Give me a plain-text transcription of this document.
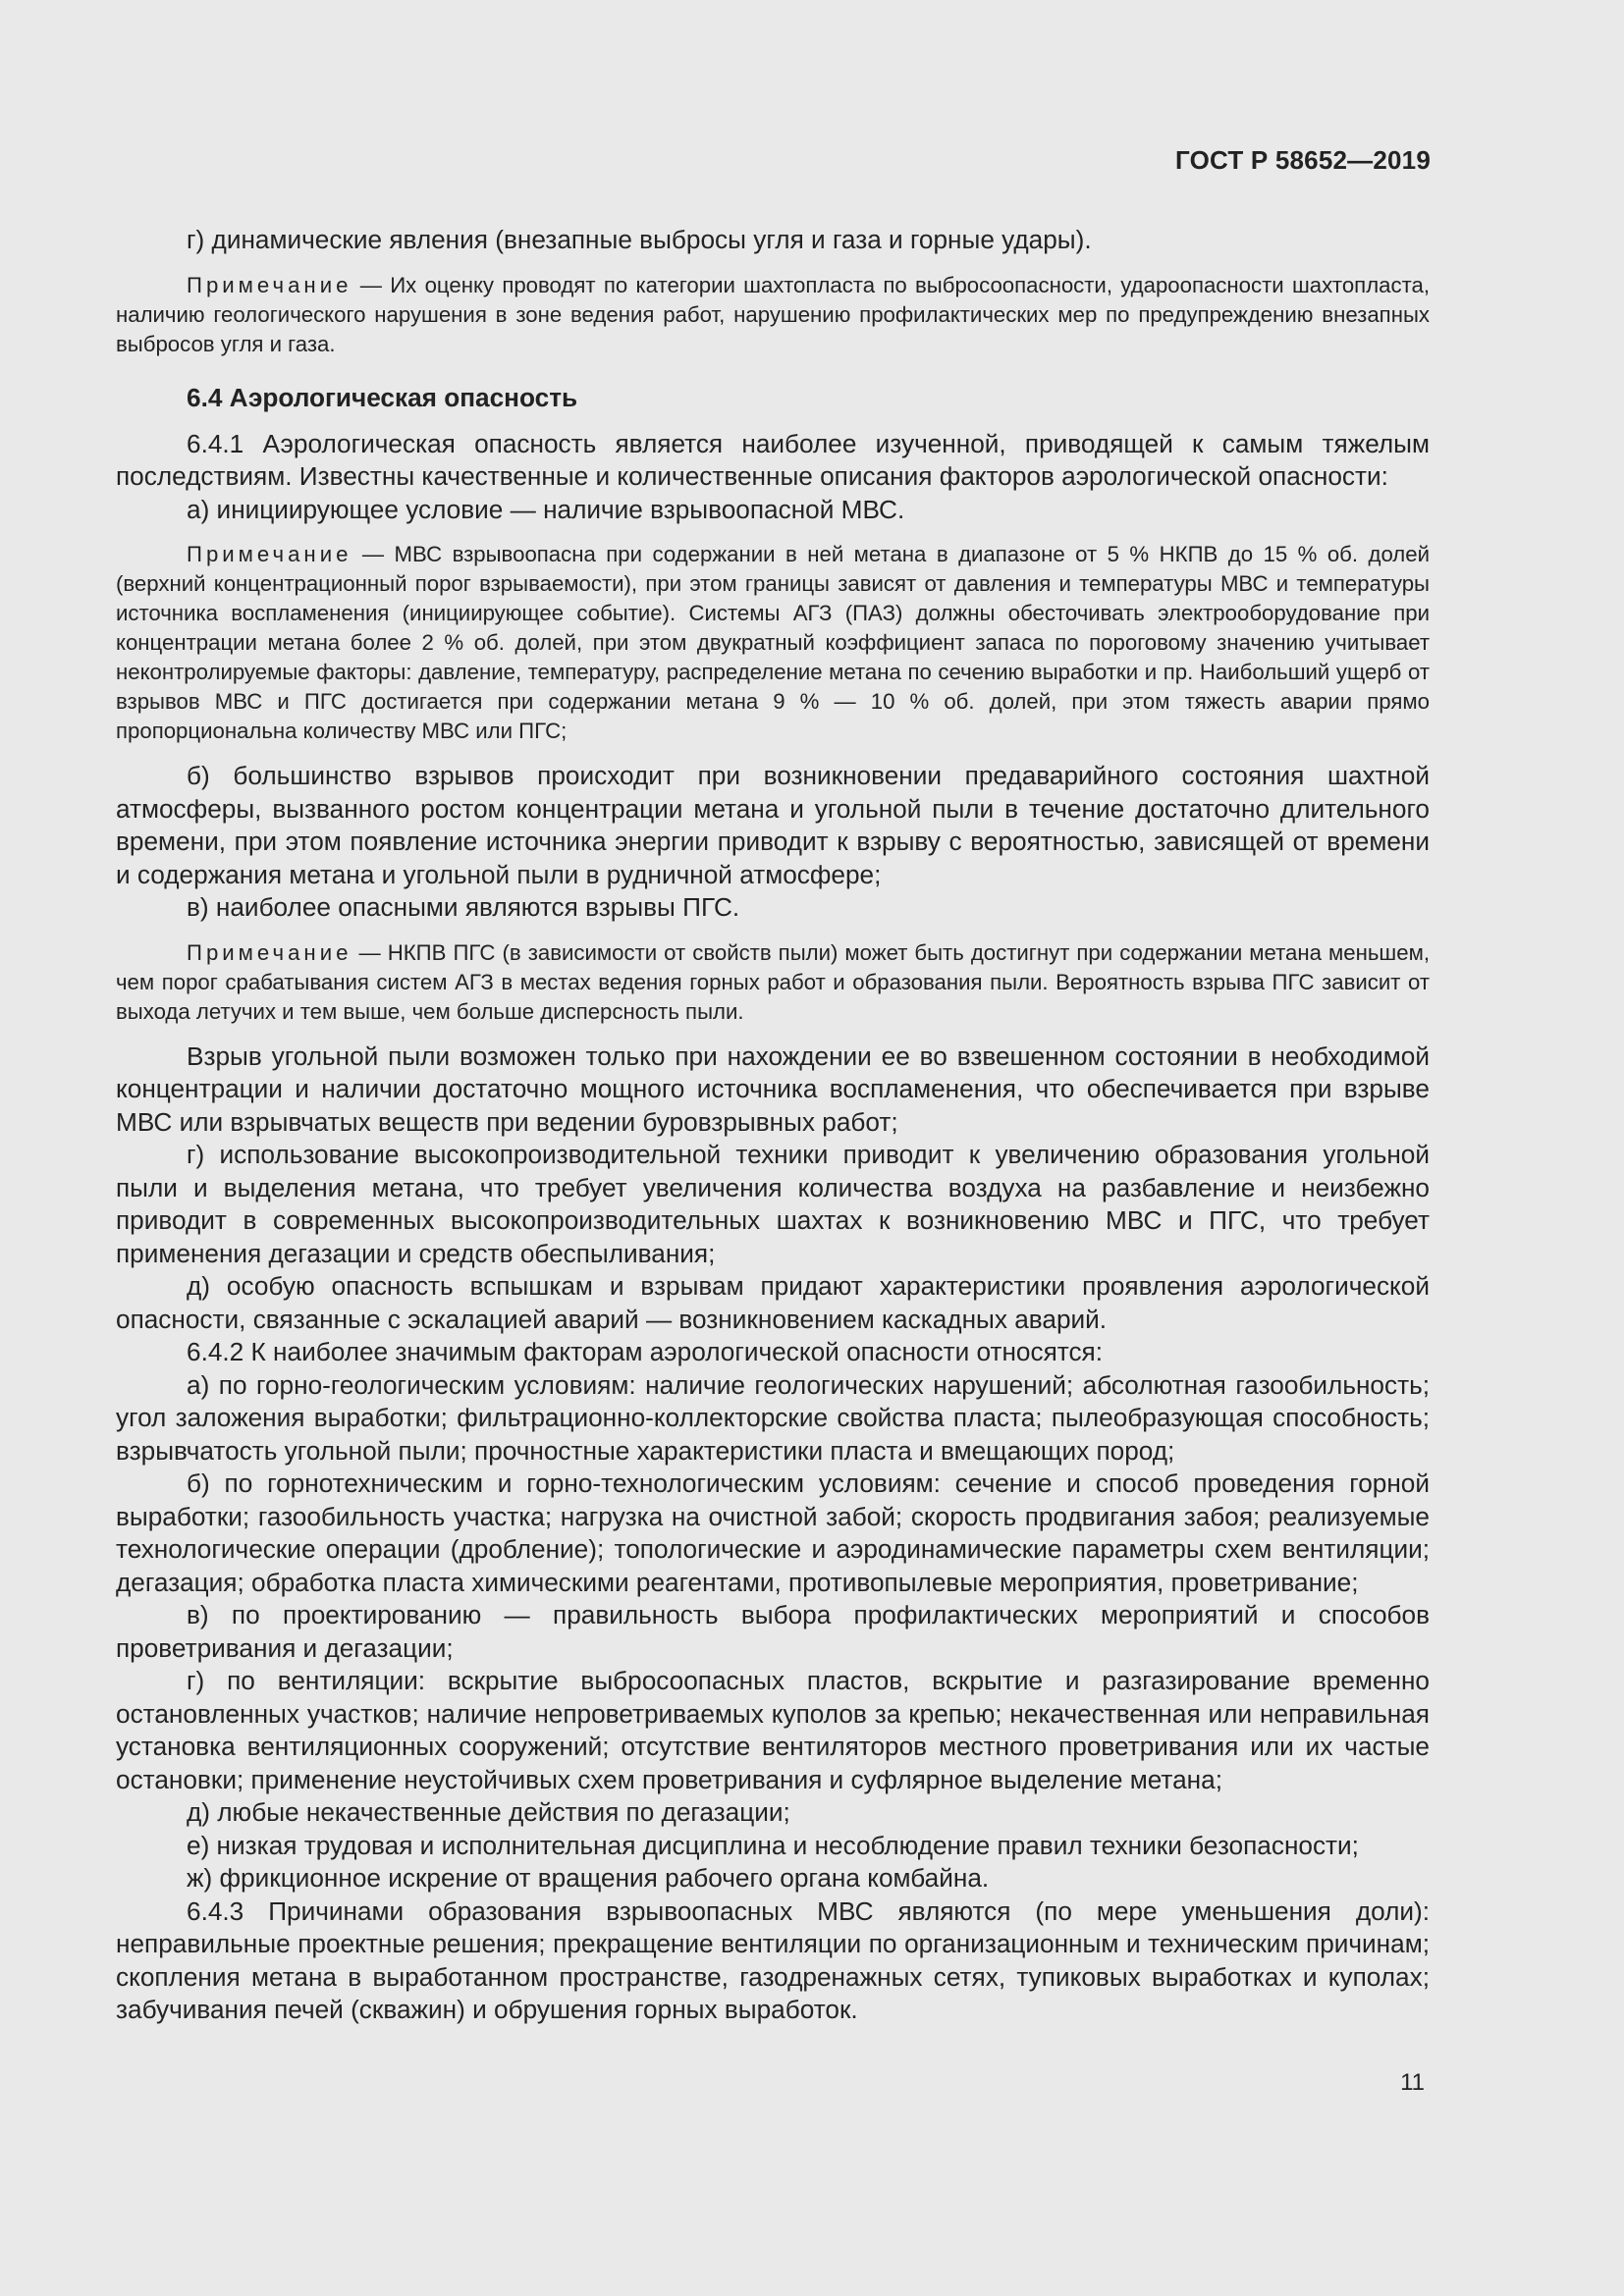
ГОСТ Р 58652—2019

г) динамические явления (внезапные выбросы угля и газа и горные удары).

Примечание — Их оценку проводят по категории шахтопласта по выбросоопасности, удароопасности шахтопласта, наличию геологического нарушения в зоне ведения работ, нарушению профилактических мер по предупреждению внезапных выбросов угля и газа.

6.4 Аэрологическая опасность

6.4.1 Аэрологическая опасность является наиболее изученной, приводящей к самым тяжелым последствиям. Известны качественные и количественные описания факторов аэрологической опасности:

а) инициирующее условие — наличие взрывоопасной МВС.

Примечание — МВС взрывоопасна при содержании в ней метана в диапазоне от 5 % НКПВ до 15 % об. долей (верхний концентрационный порог взрываемости), при этом границы зависят от давления и температуры МВС и температуры источника воспламенения (инициирующее событие). Системы АГЗ (ПАЗ) должны обесточивать электрооборудование при концентрации метана более 2 % об. долей, при этом двукратный коэффициент запаса по пороговому значению учитывает неконтролируемые факторы: давление, температуру, распределение метана по сечению выработки и пр. Наибольший ущерб от взрывов МВС и ПГС достигается при содержании метана 9 % — 10 % об. долей, при этом тяжесть аварии прямо пропорциональна количеству МВС или ПГС;

б) большинство взрывов происходит при возникновении предаварийного состояния шахтной атмосферы, вызванного ростом концентрации метана и угольной пыли в течение достаточно длительного времени, при этом появление источника энергии приводит к взрыву с вероятностью, зависящей от времени и содержания метана и угольной пыли в рудничной атмосфере;

в) наиболее опасными являются взрывы ПГС.

Примечание — НКПВ ПГС (в зависимости от свойств пыли) может быть достигнут при содержании метана меньшем, чем порог срабатывания систем АГЗ в местах ведения горных работ и образования пыли. Вероятность взрыва ПГС зависит от выхода летучих и тем выше, чем больше дисперсность пыли.

Взрыв угольной пыли возможен только при нахождении ее во взвешенном состоянии в необходимой концентрации и наличии достаточно мощного источника воспламенения, что обеспечивается при взрыве МВС или взрывчатых веществ при ведении буровзрывных работ;

г) использование высокопроизводительной техники приводит к увеличению образования угольной пыли и выделения метана, что требует увеличения количества воздуха на разбавление и неизбежно приводит в современных высокопроизводительных шахтах к возникновению МВС и ПГС, что требует применения дегазации и средств обеспыливания;

д) особую опасность вспышкам и взрывам придают характеристики проявления аэрологической опасности, связанные с эскалацией аварий — возникновением каскадных аварий.

6.4.2 К наиболее значимым факторам аэрологической опасности относятся:

а) по горно-геологическим условиям: наличие геологических нарушений; абсолютная газообильность; угол заложения выработки; фильтрационно-коллекторские свойства пласта; пылеобразующая способность; взрывчатость угольной пыли; прочностные характеристики пласта и вмещающих пород;

б) по горнотехническим и горно-технологическим условиям: сечение и способ проведения горной выработки; газообильность участка; нагрузка на очистной забой; скорость продвигания забоя; реализуемые технологические операции (дробление); топологические и аэродинамические параметры схем вентиляции; дегазация; обработка пласта химическими реагентами, противопылевые мероприятия, проветривание;

в) по проектированию — правильность выбора профилактических мероприятий и способов проветривания и дегазации;

г) по вентиляции: вскрытие выбросоопасных пластов, вскрытие и разгазирование временно остановленных участков; наличие непроветриваемых куполов за крепью; некачественная или неправильная установка вентиляционных сооружений; отсутствие вентиляторов местного проветривания или их частые остановки; применение неустойчивых схем проветривания и суфлярное выделение метана;

д) любые некачественные действия по дегазации;

е) низкая трудовая и исполнительная дисциплина и несоблюдение правил техники безопасности;

ж) фрикционное искрение от вращения рабочего органа комбайна.

6.4.3 Причинами образования взрывоопасных МВС являются (по мере уменьшения доли): неправильные проектные решения; прекращение вентиляции по организационным и техническим причинам; скопления метана в выработанном пространстве, газодренажных сетях, тупиковых выработках и куполах; забучивания печей (скважин) и обрушения горных выработок.

11
